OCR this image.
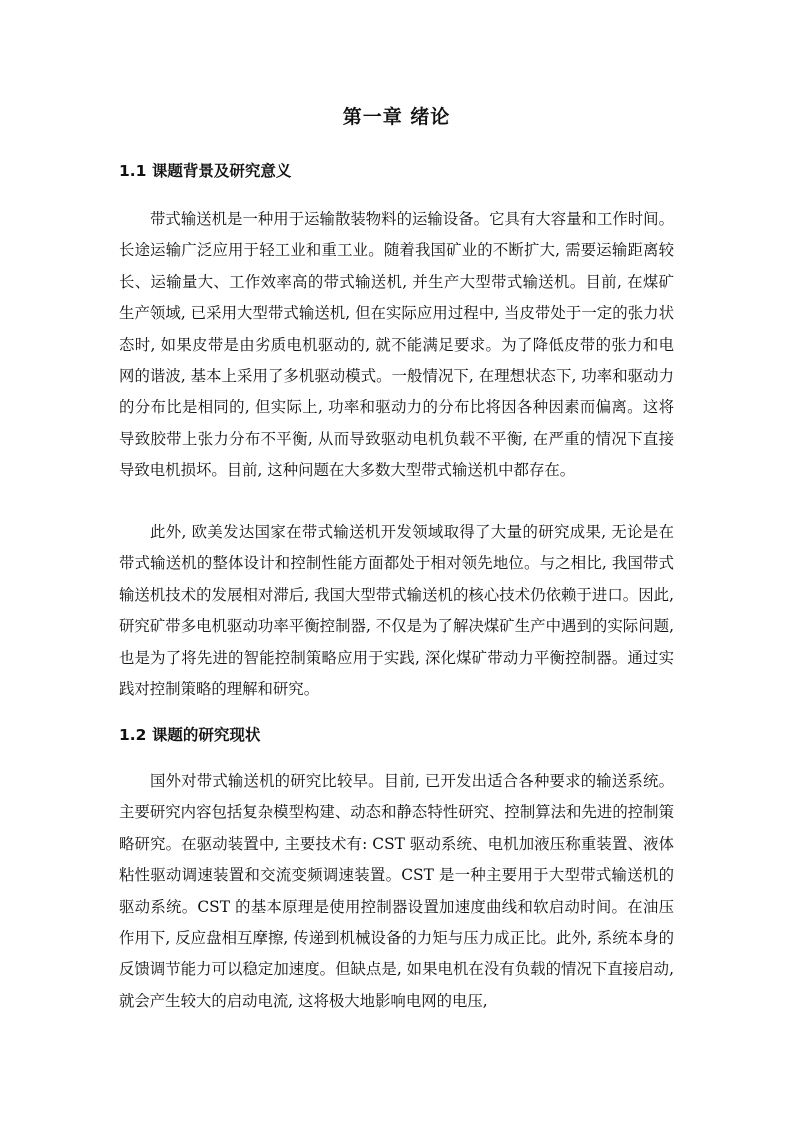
第一章 绪论
1.1 课题背景及研究意义

带式输送机是一种用于运输散装物料的运输设备。它具有大容量和工作时间。长途运输广泛应用于轻工业和重工业。随着我国矿业的不断扩大, 需要运输距离较长、运输量大、工作效率高的带式输送机, 并生产大型带式输送机。目前, 在煤矿生产领域, 已采用大型带式输送机, 但在实际应用过程中, 当皮带处于一定的张力状态时, 如果皮带是由劣质电机驱动的, 就不能满足要求。为了降低皮带的张力和电网的谐波, 基本上采用了多机驱动模式。一般情况下, 在理想状态下, 功率和驱动力的分布比是相同的, 但实际上, 功率和驱动力的分布比将因各种因素而偏离。这将导致胶带上张力分布不平衡, 从而导致驱动电机负载不平衡, 在严重的情况下直接导致电机损坏。目前, 这种问题在大多数大型带式输送机中都存在。

此外, 欧美发达国家在带式输送机开发领域取得了大量的研究成果, 无论是在带式输送机的整体设计和控制性能方面都处于相对领先地位。与之相比, 我国带式输送机技术的发展相对滞后, 我国大型带式输送机的核心技术仍依赖于进口。因此, 研究矿带多电机驱动功率平衡控制器, 不仅是为了解决煤矿生产中遇到的实际问题, 也是为了将先进的智能控制策略应用于实践, 深化煤矿带动力平衡控制器。通过实践对控制策略的理解和研究。

1.2 课题的研究现状

国外对带式输送机的研究比较早。目前, 已开发出适合各种要求的输送系统。主要研究内容包括复杂模型构建、动态和静态特性研究、控制算法和先进的控制策略研究。在驱动装置中, 主要技术有: CST 驱动系统、电机加液压称重装置、液体粘性驱动调速装置和交流变频调速装置。CST 是一种主要用于大型带式输送机的驱动系统。CST 的基本原理是使用控制器设置加速度曲线和软启动时间。在油压作用下, 反应盘相互摩擦, 传递到机械设备的力矩与压力成正比。此外, 系统本身的反馈调节能力可以稳定加速度。但缺点是, 如果电机在没有负载的情况下直接启动, 就会产生较大的启动电流, 这将极大地影响电网的电压,
